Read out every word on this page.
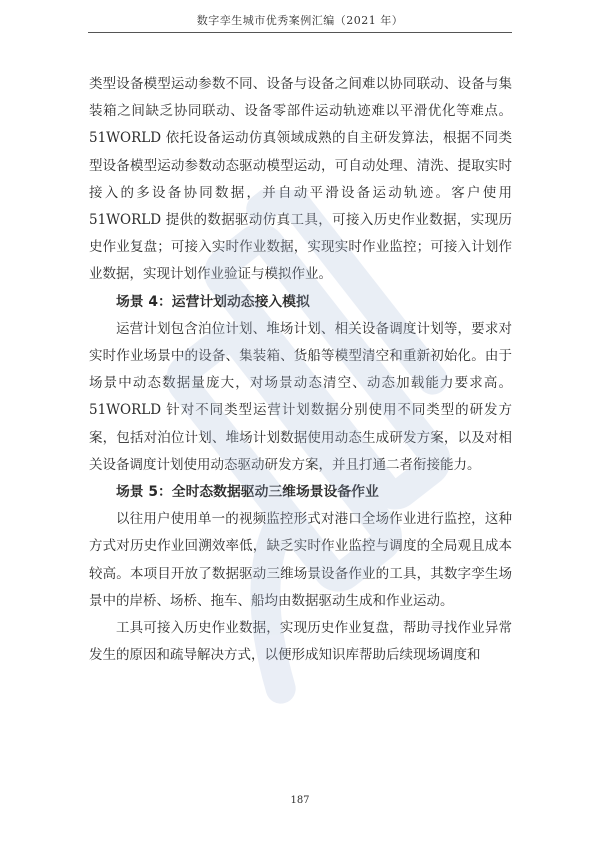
数字孪生城市优秀案例汇编（2021 年）

类型设备模型运动参数不同、设备与设备之间难以协同联动、设备与集装箱之间缺乏协同联动、设备零部件运动轨迹难以平滑优化等难点。51WORLD 依托设备运动仿真领域成熟的自主研发算法，根据不同类型设备模型运动参数动态驱动模型运动，可自动处理、清洗、提取实时接入的多设备协同数据，并自动平滑设备运动轨迹。客户使用 51WORLD 提供的数据驱动仿真工具，可接入历史作业数据，实现历史作业复盘；可接入实时作业数据，实现实时作业监控；可接入计划作业数据，实现计划作业验证与模拟作业。

场景 4：运营计划动态接入模拟

运营计划包含泊位计划、堆场计划、相关设备调度计划等，要求对实时作业场景中的设备、集装箱、货船等模型清空和重新初始化。由于场景中动态数据量庞大，对场景动态清空、动态加载能力要求高。51WORLD 针对不同类型运营计划数据分别使用不同类型的研发方案，包括对泊位计划、堆场计划数据使用动态生成研发方案，以及对相关设备调度计划使用动态驱动研发方案，并且打通二者衔接能力。

场景 5：全时态数据驱动三维场景设备作业

以往用户使用单一的视频监控形式对港口全场作业进行监控，这种方式对历史作业回溯效率低，缺乏实时作业监控与调度的全局观且成本较高。本项目开放了数据驱动三维场景设备作业的工具，其数字孪生场景中的岸桥、场桥、拖车、船均由数据驱动生成和作业运动。

工具可接入历史作业数据，实现历史作业复盘，帮助寻找作业异常发生的原因和疏导解决方式，以便形成知识库帮助后续现场调度和

187
